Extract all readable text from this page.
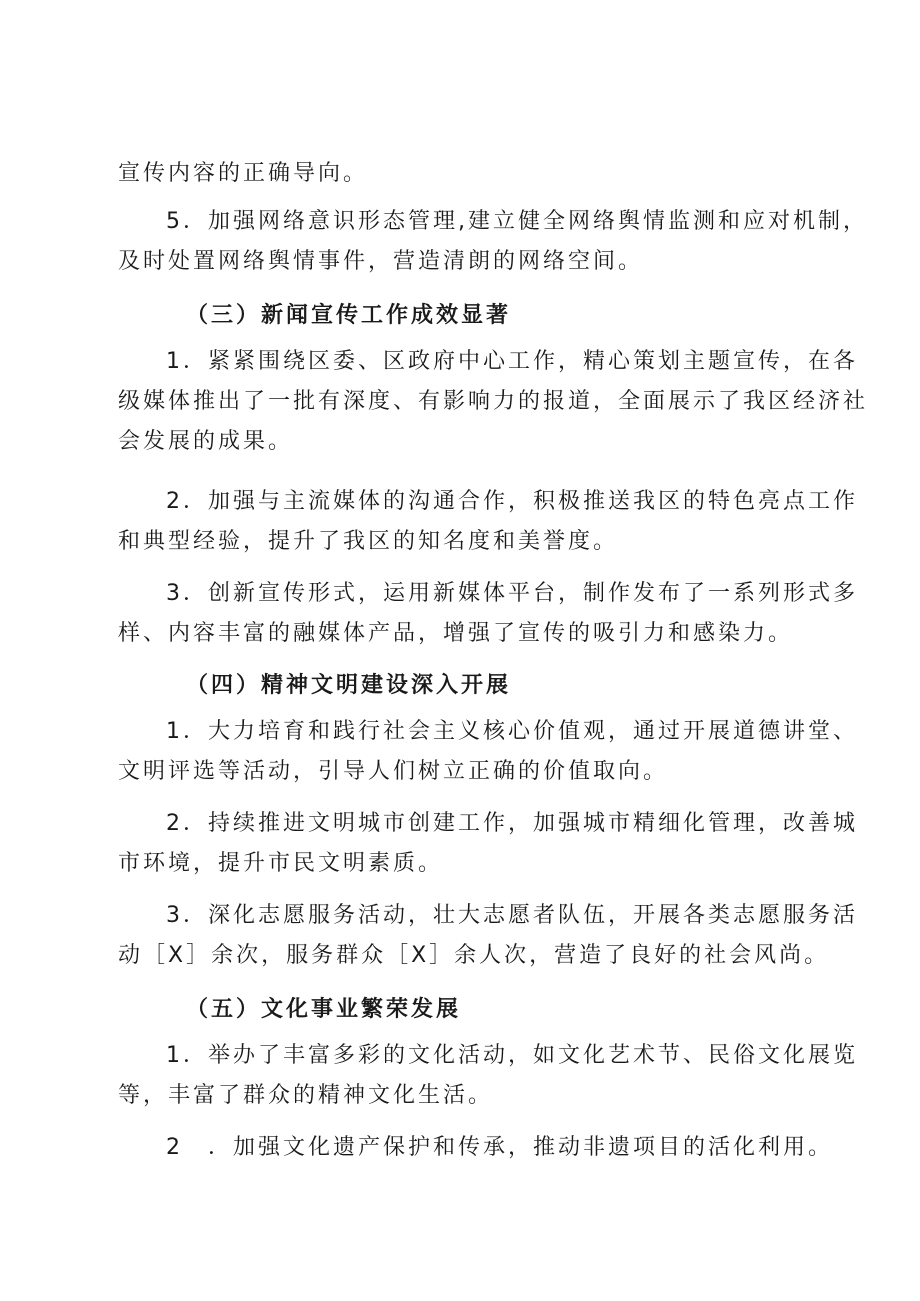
宣传内容的正确导向。

5．加强网络意识形态管理,建立健全网络舆情监测和应对机制，
及时处置网络舆情事件，营造清朗的网络空间。

（三）新闻宣传工作成效显著

1．紧紧围绕区委、区政府中心工作，精心策划主题宣传，在各
级媒体推出了一批有深度、有影响力的报道，全面展示了我区经济社
会发展的成果。

2．加强与主流媒体的沟通合作，积极推送我区的特色亮点工作
和典型经验，提升了我区的知名度和美誉度。

3．创新宣传形式，运用新媒体平台，制作发布了一系列形式多
样、内容丰富的融媒体产品，增强了宣传的吸引力和感染力。

（四）精神文明建设深入开展

1．大力培育和践行社会主义核心价值观，通过开展道德讲堂、
文明评选等活动，引导人们树立正确的价值取向。

2．持续推进文明城市创建工作，加强城市精细化管理，改善城
市环境，提升市民文明素质。

3．深化志愿服务活动，壮大志愿者队伍，开展各类志愿服务活
动［X］余次，服务群众［X］余人次，营造了良好的社会风尚。

（五）文化事业繁荣发展

1．举办了丰富多彩的文化活动，如文化艺术节、民俗文化展览
等，丰富了群众的精神文化生活。

2　．加强文化遗产保护和传承，推动非遗项目的活化利用。
